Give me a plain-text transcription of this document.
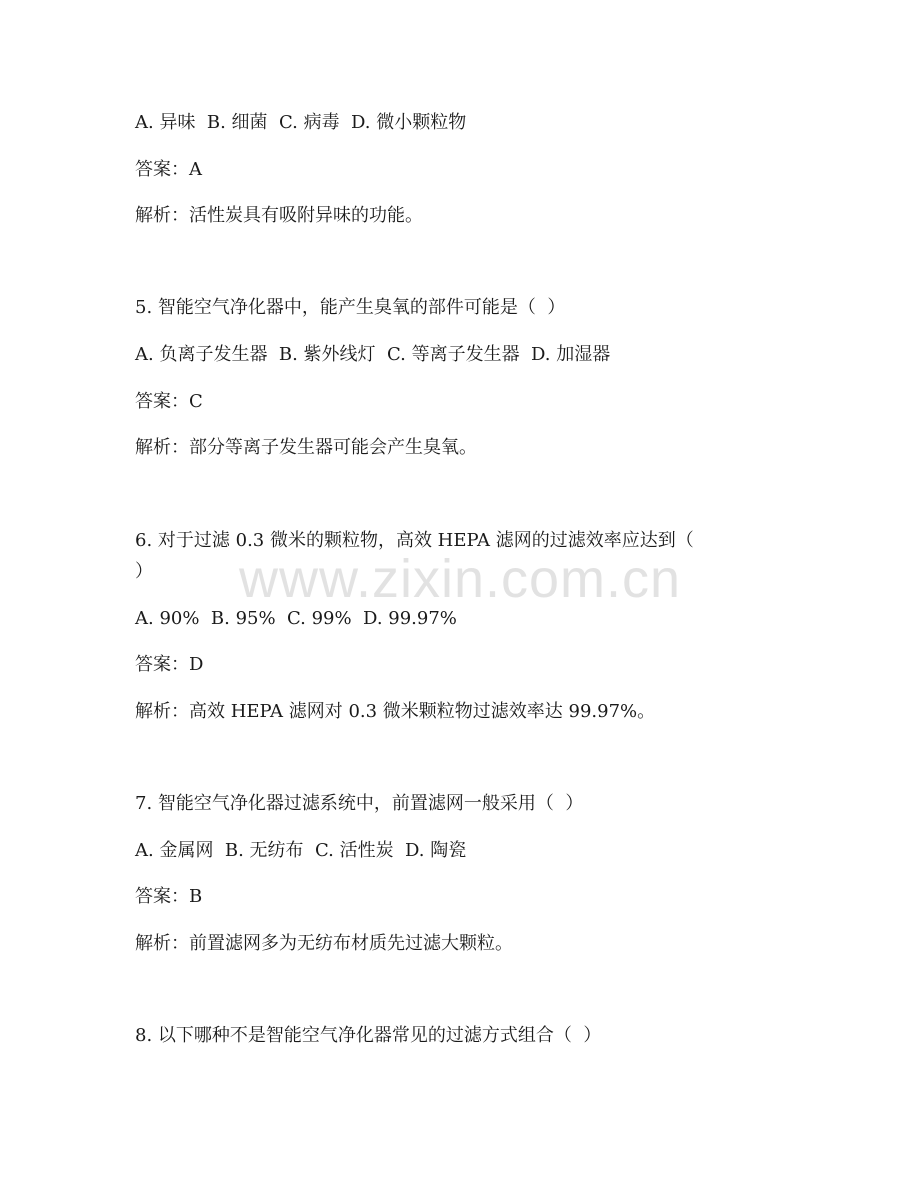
A. 异味  B. 细菌  C. 病毒  D. 微小颗粒物
答案：A
解析：活性炭具有吸附异味的功能。
5. 智能空气净化器中，能产生臭氧的部件可能是（  ）
A. 负离子发生器  B. 紫外线灯  C. 等离子发生器  D. 加湿器
答案：C
解析：部分等离子发生器可能会产生臭氧。
6. 对于过滤 0.3 微米的颗粒物，高效 HEPA 滤网的过滤效率应达到（
）
A. 90%  B. 95%  C. 99%  D. 99.97%
答案：D
解析：高效 HEPA 滤网对 0.3 微米颗粒物过滤效率达 99.97%。
7. 智能空气净化器过滤系统中，前置滤网一般采用（  ）
A. 金属网  B. 无纺布  C. 活性炭  D. 陶瓷
答案：B
解析：前置滤网多为无纺布材质先过滤大颗粒。
8. 以下哪种不是智能空气净化器常见的过滤方式组合（  ）
www.zixin.com.cn
